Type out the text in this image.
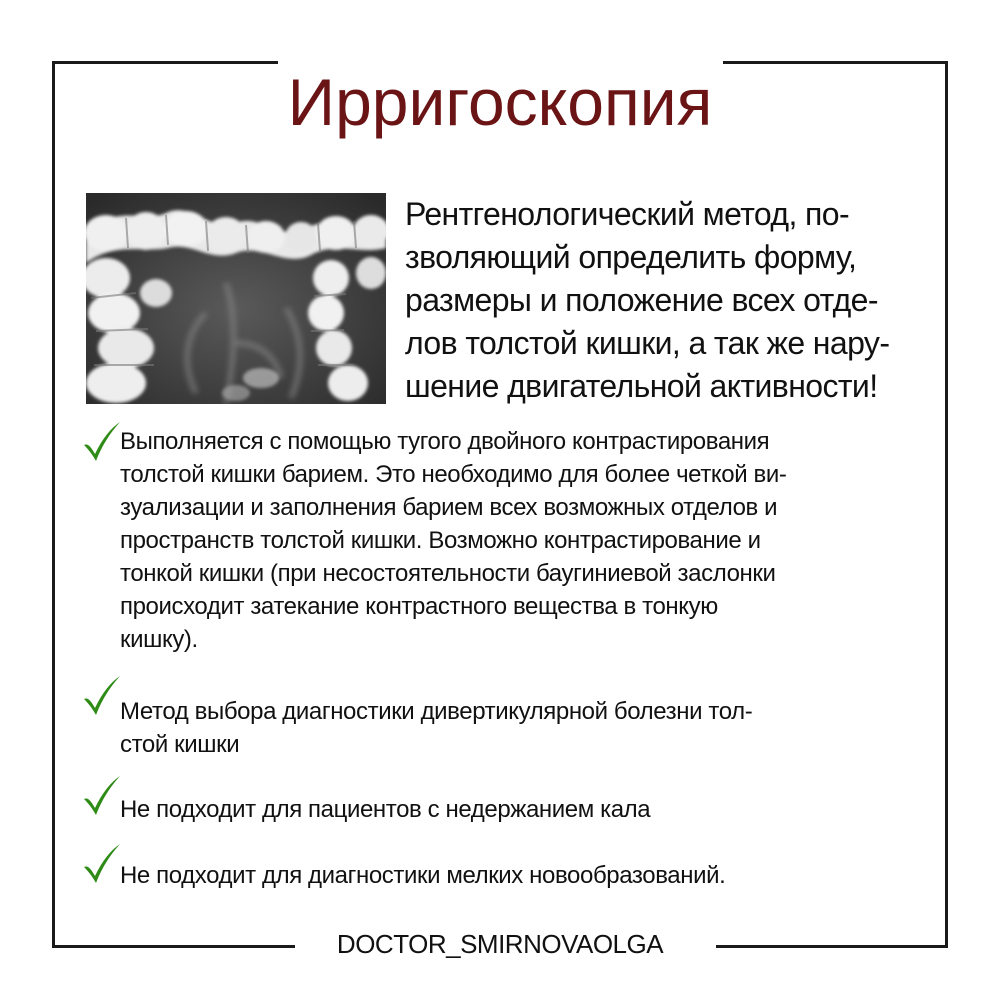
Ирригоскопия
Рентгенологический метод, по-
зволяющий определить форму,
размеры и положение всех отде-
лов толстой кишки, а так же нару-
шение двигательной активности!
Выполняется с помощью тугого двойного контрастирования
толстой кишки барием. Это необходимо для более четкой ви-
зуализации и заполнения барием всех возможных отделов и
пространств толстой кишки. Возможно контрастирование и
тонкой кишки (при несостоятельности баугиниевой заслонки
происходит затекание контрастного вещества в тонкую
кишку).
Метод выбора диагностики дивертикулярной болезни тол-
стой кишки
Не подходит для пациентов с недержанием кала
Не подходит для диагностики мелких новообразований.
DOCTOR_SMIRNOVAOLGA
